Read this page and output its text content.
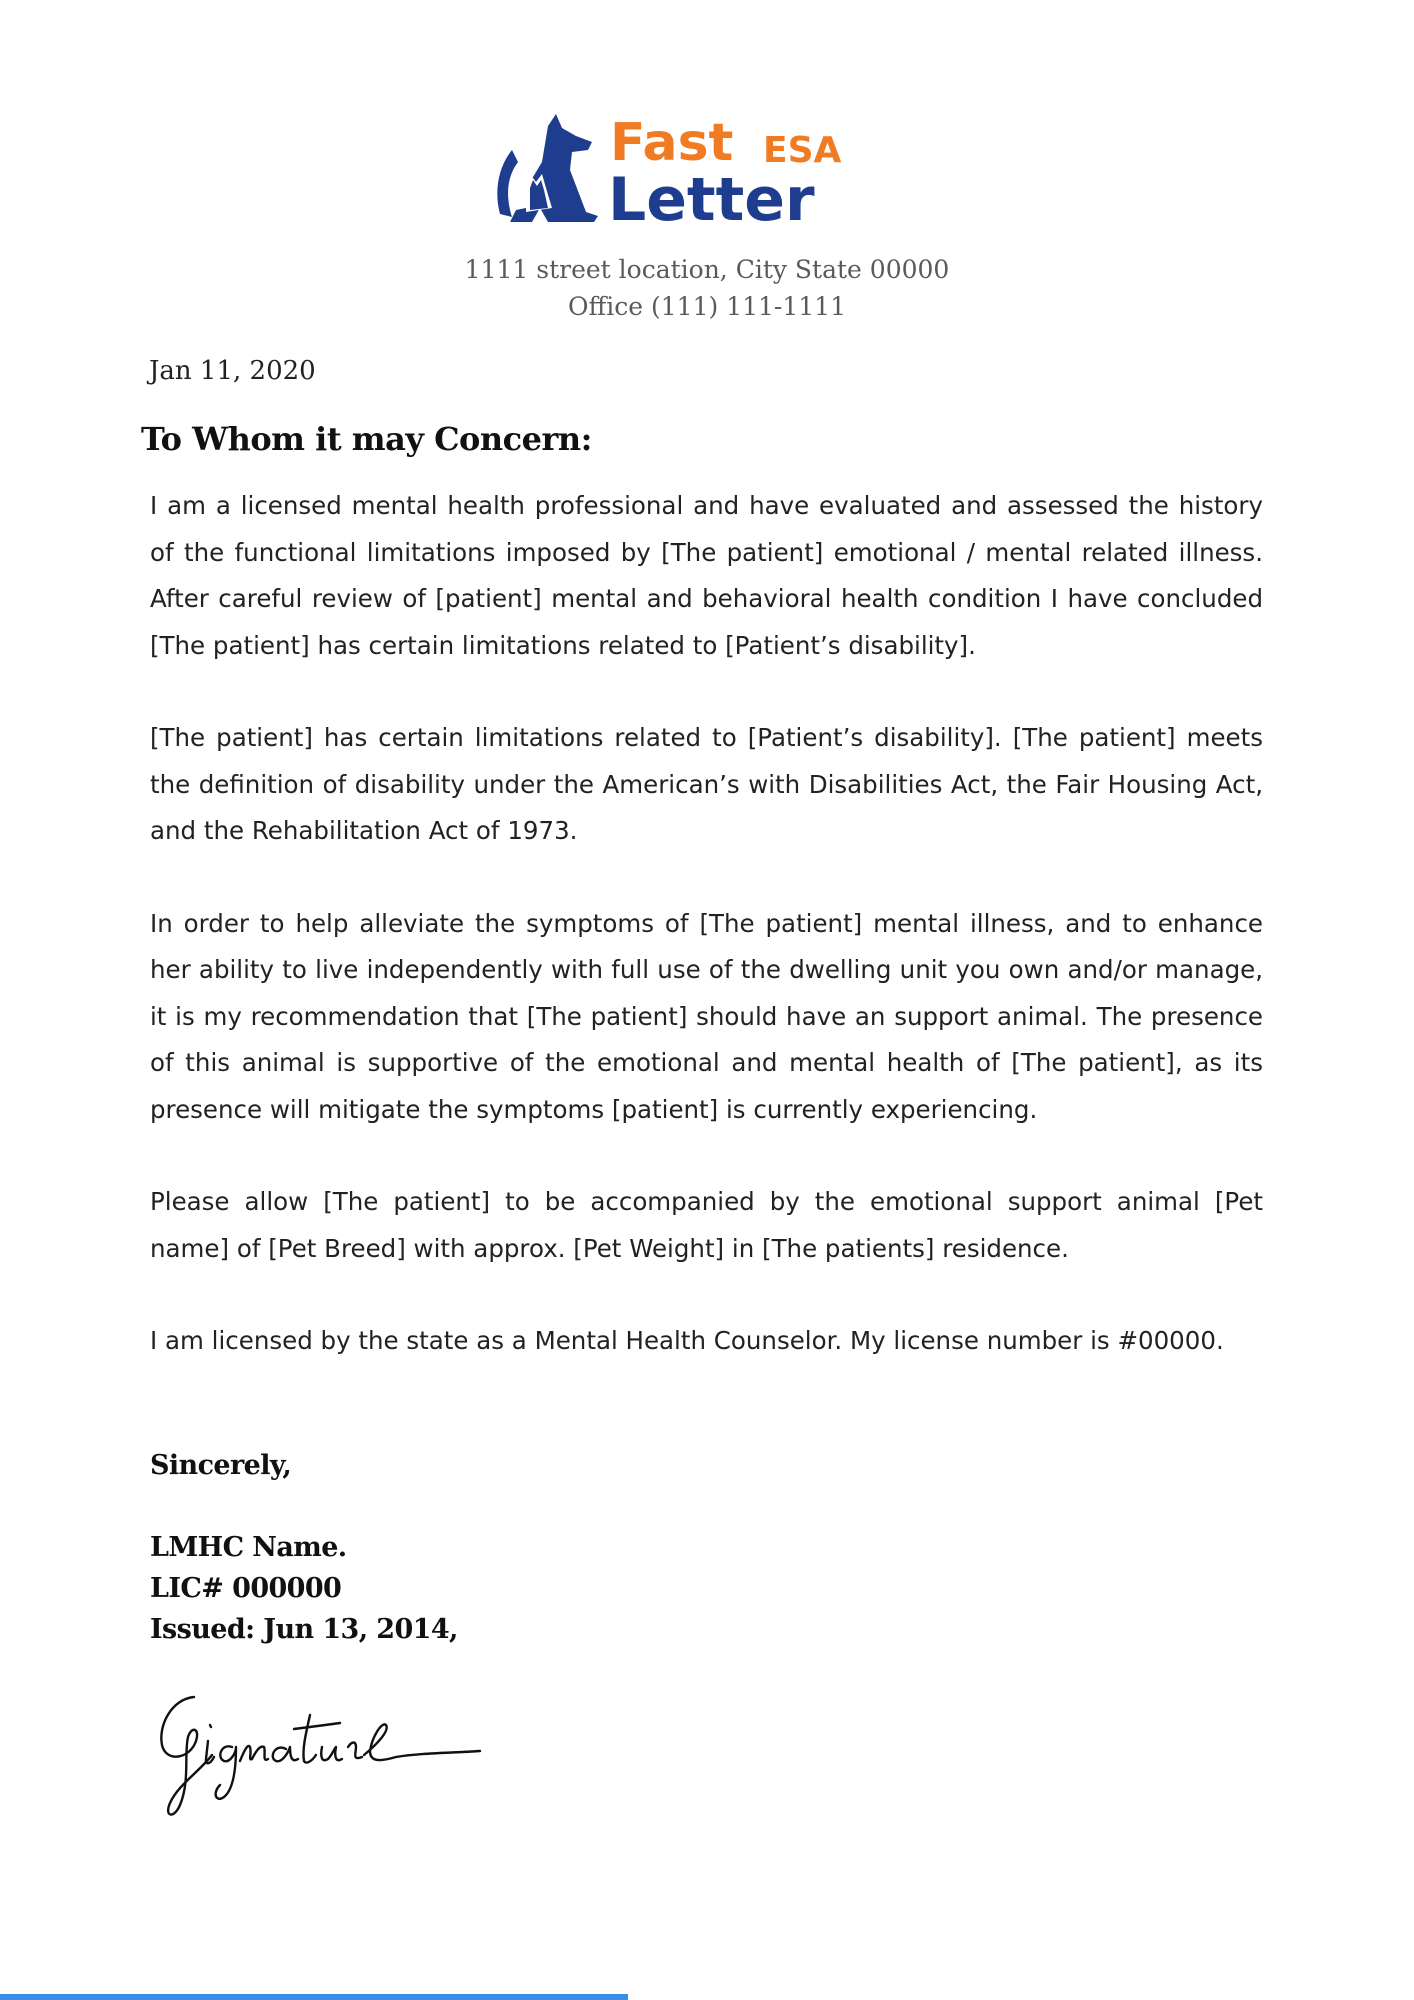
Fast ESA
Letter
1111 street location, City State 00000
Office (111) 111-1111
Jan 11, 2020
To Whom it may Concern:

I am a licensed mental health professional and have evaluated and assessed the history of the functional limitations imposed by [The patient] emotional / mental related illness. After careful review of [patient] mental and behavioral health condition I have concluded [The patient] has certain limitations related to [Patient’s disability].

[The patient] has certain limitations related to [Patient’s disability]. [The patient] meets the definition of disability under the American’s with Disabilities Act, the Fair Housing Act, and the Rehabilitation Act of 1973.

In order to help alleviate the symptoms of [The patient] mental illness, and to enhance her ability to live independently with full use of the dwelling unit you own and/or manage, it is my recommendation that [The patient] should have an support animal. The presence of this animal is supportive of the emotional and mental health of [The patient], as its presence will mitigate the symptoms [patient] is currently experiencing.

Please allow [The patient] to be accompanied by the emotional support animal [Pet name] of [Pet Breed] with approx. [Pet Weight] in [The patients] residence.

I am licensed by the state as a Mental Health Counselor. My license number is #00000.

Sincerely,
LMHC Name.
LIC# 000000
Issued: Jun 13, 2014,
